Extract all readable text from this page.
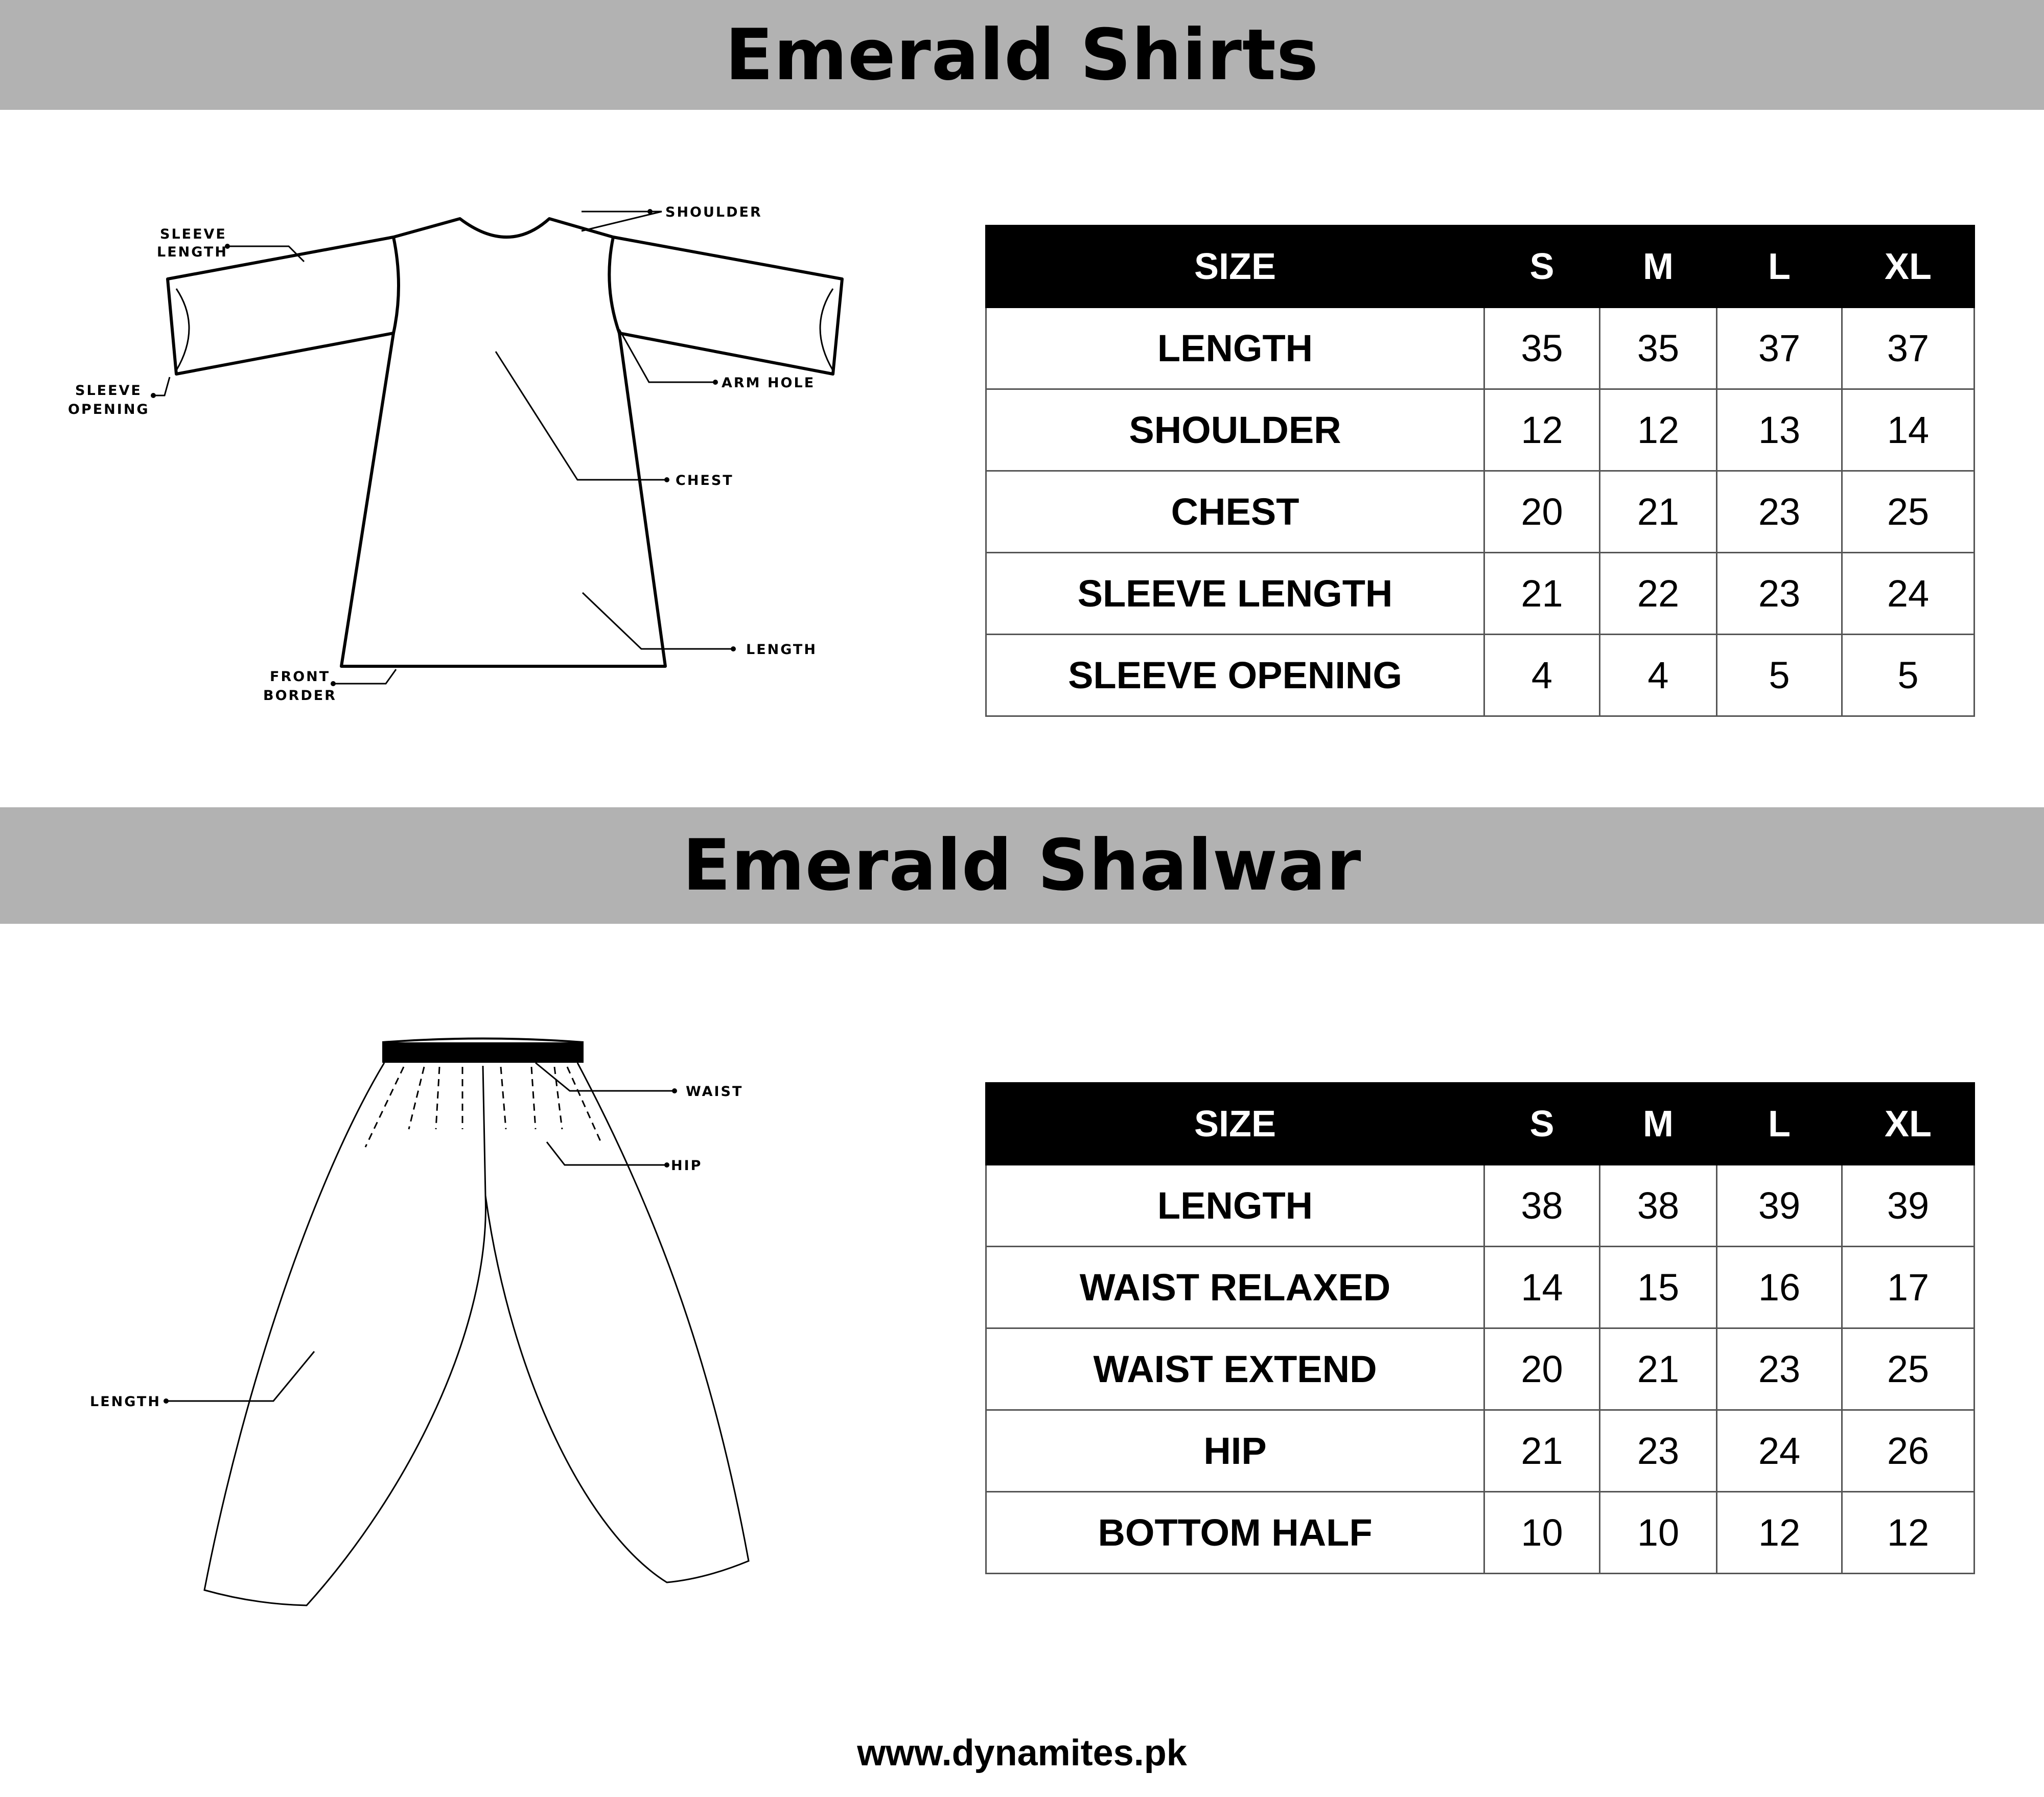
Emerald Shirts
SLEEVE
LENGTH
SHOULDER
SLEEVE
OPENING
ARM HOLE
CHEST
LENGTH
FRONT
BORDER
SIZE	S	M	L	XL
LENGTH	35	35	37	37
SHOULDER	12	12	13	14
CHEST	20	21	23	25
SLEEVE LENGTH	21	22	23	24
SLEEVE OPENING	4	4	5	5
Emerald Shalwar
WAIST
HIP
LENGTH
SIZE	S	M	L	XL
LENGTH	38	38	39	39
WAIST RELAXED	14	15	16	17
WAIST EXTEND	20	21	23	25
HIP	21	23	24	26
BOTTOM HALF	10	10	12	12
www.dynamites.pk
